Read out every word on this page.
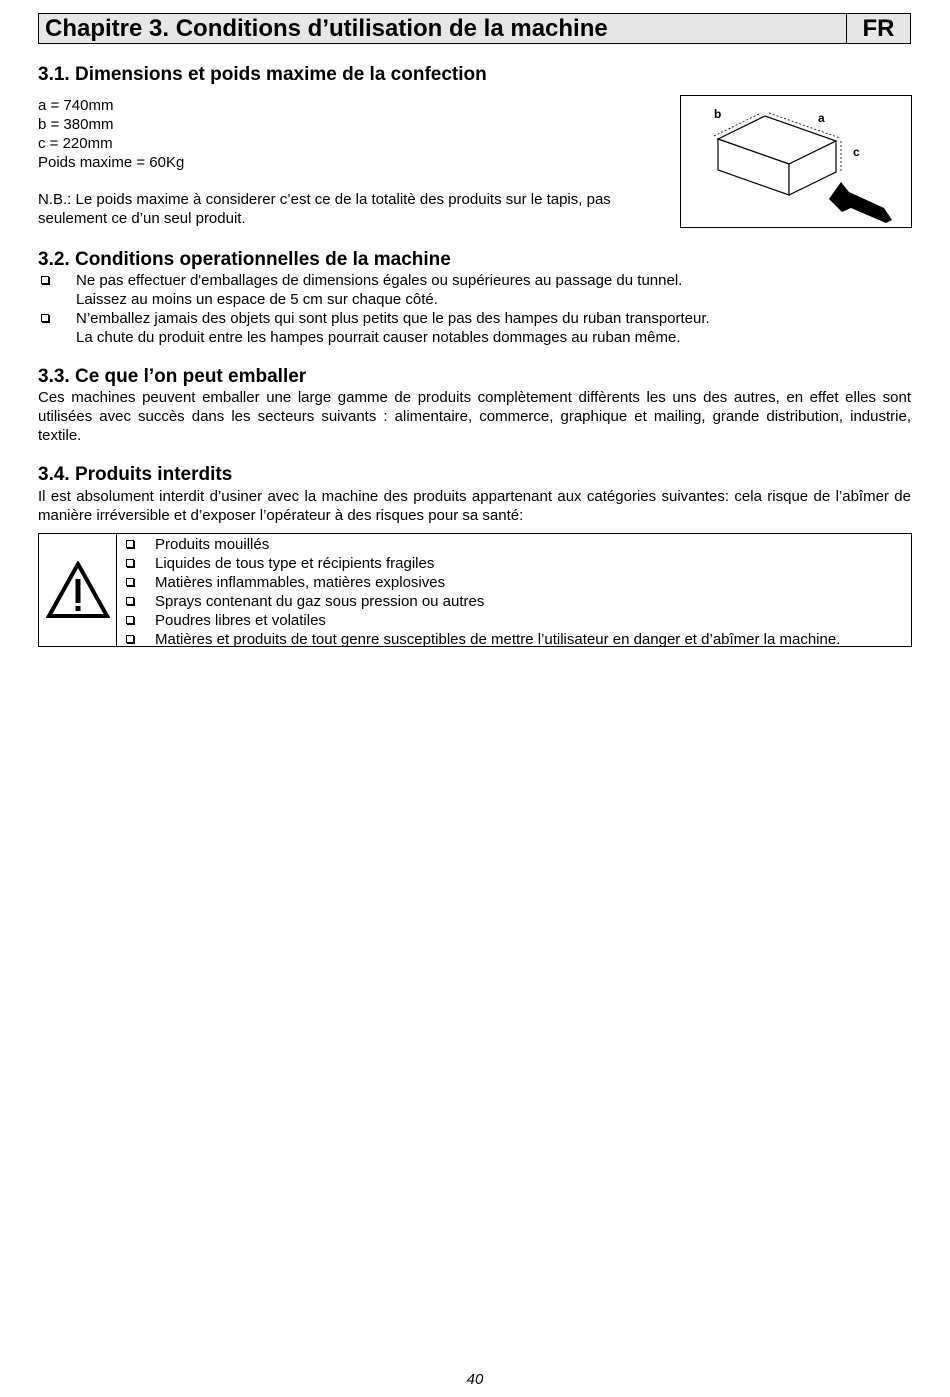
Chapitre 3. Conditions d’utilisation de la machine	FR
3.1. Dimensions et poids maxime de la confection
a = 740mm
b = 380mm
c = 220mm
Poids maxime = 60Kg
N.B.: Le poids maxime à considerer c’est ce de la totalitè des produits sur le tapis, pas
seulement ce d’un seul produit.
b	a
c
3.2. Conditions operationnelles de la machine
Ne pas effectuer d'emballages de dimensions égales ou supérieures au passage du tunnel.
Laissez au moins un espace de 5 cm sur chaque côté.
N’emballez jamais des objets qui sont plus petits que le pas des hampes du ruban transporteur.
La chute du produit entre les hampes pourrait causer notables dommages au ruban même.
3.3. Ce que l’on peut emballer
Ces machines peuvent emballer une large gamme de produits complètement diffèrents les uns des autres, en effet elles sont utilisées avec succès dans les secteurs suivants : alimentaire, commerce, graphique et mailing, grande distribution, industrie, textile.
3.4. Produits interdits
Il est absolument interdit d’usiner avec la machine des produits appartenant aux catégories suivantes: cela risque de l’abîmer de manière irréversible et d’exposer l’opérateur à des risques pour sa santé:
Produits mouillés
Liquides de tous type et récipients fragiles
Matières inflammables, matières explosives
Sprays contenant du gaz sous pression ou autres
Poudres libres et volatiles
Matières et produits de tout genre susceptibles de mettre l’utilisateur en danger et d’abîmer la machine.
40
